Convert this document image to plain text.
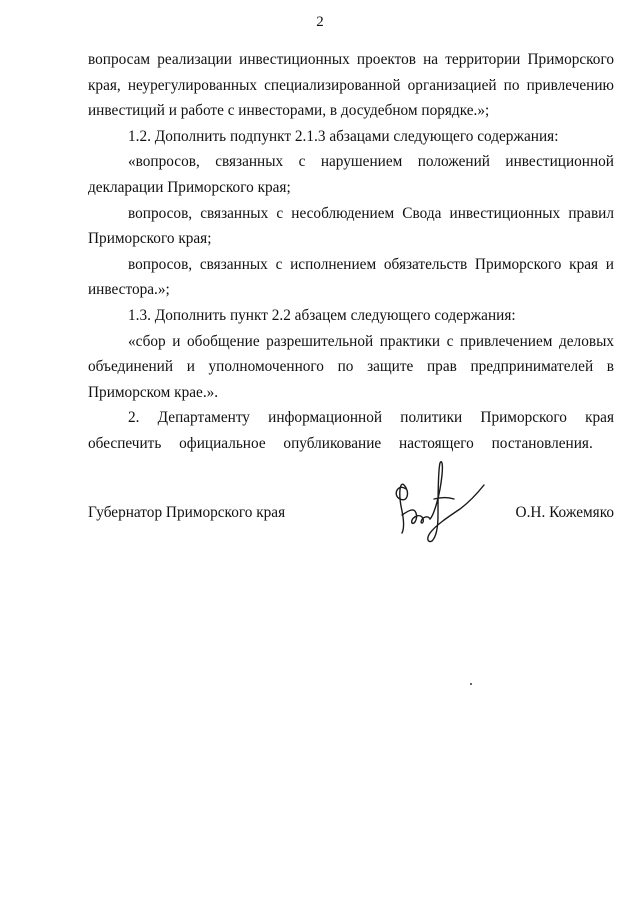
2

вопросам реализации инвестиционных проектов на территории Приморского края, неурегулированных специализированной организацией по привлечению инвестиций и работе с инвесторами, в досудебном порядке.»;

1.2. Дополнить подпункт 2.1.3 абзацами следующего содержания:

«вопросов, связанных с нарушением положений инвестиционной декларации Приморского края;

вопросов, связанных с несоблюдением Свода инвестиционных правил Приморского края;

вопросов, связанных с исполнением обязательств Приморского края и инвестора.»;

1.3. Дополнить пункт 2.2 абзацем следующего содержания:

«сбор и обобщение разрешительной практики с привлечением деловых объединений и уполномоченного по защите прав предпринимателей в Приморском крае.».

2. Департаменту информационной политики Приморского края обеспечить официальное опубликование настоящего постановления.

Губернатор Приморского края	О.Н. Кожемяко
